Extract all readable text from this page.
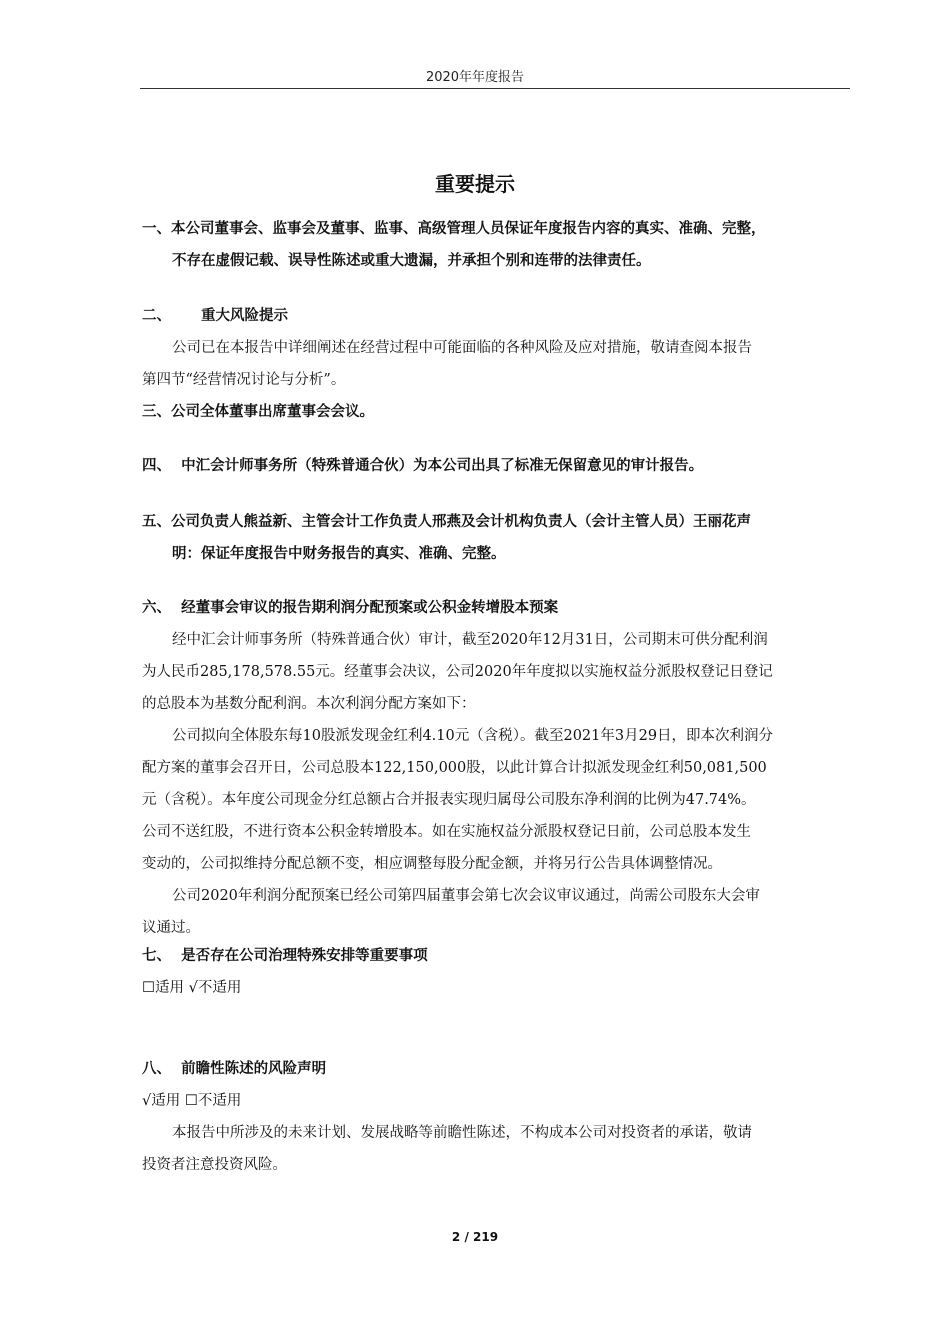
2020年年度报告
重要提示
一、本公司董事会、监事会及董事、监事、高级管理人员保证年度报告内容的真实、准确、完整，
不存在虚假记载、误导性陈述或重大遗漏，并承担个别和连带的法律责任。
二、 重大风险提示
公司已在本报告中详细阐述在经营过程中可能面临的各种风险及应对措施，敬请查阅本报告
第四节“经营情况讨论与分析”。
三、公司全体董事出席董事会会议。
四、 中汇会计师事务所（特殊普通合伙）为本公司出具了标准无保留意见的审计报告。
五、公司负责人熊益新、主管会计工作负责人邢燕及会计机构负责人（会计主管人员）王丽花声
明：保证年度报告中财务报告的真实、准确、完整。
六、 经董事会审议的报告期利润分配预案或公积金转增股本预案
经中汇会计师事务所（特殊普通合伙）审计，截至2020年12月31日，公司期末可供分配利润
为人民币285,178,578.55元。经董事会决议，公司2020年年度拟以实施权益分派股权登记日登记
的总股本为基数分配利润。本次利润分配方案如下：
公司拟向全体股东每10股派发现金红利4.10元（含税）。截至2021年3月29日，即本次利润分
配方案的董事会召开日，公司总股本122,150,000股，以此计算合计拟派发现金红利50,081,500
元（含税）。本年度公司现金分红总额占合并报表实现归属母公司股东净利润的比例为47.74%。
公司不送红股，不进行资本公积金转增股本。如在实施权益分派股权登记日前，公司总股本发生
变动的，公司拟维持分配总额不变，相应调整每股分配金额，并将另行公告具体调整情况。
公司2020年利润分配预案已经公司第四届董事会第七次会议审议通过，尚需公司股东大会审
议通过。
七、 是否存在公司治理特殊安排等重要事项
☐适用 √不适用
八、 前瞻性陈述的风险声明
√适用 ☐不适用
本报告中所涉及的未来计划、发展战略等前瞻性陈述，不构成本公司对投资者的承诺，敬请
投资者注意投资风险。
2 / 219
